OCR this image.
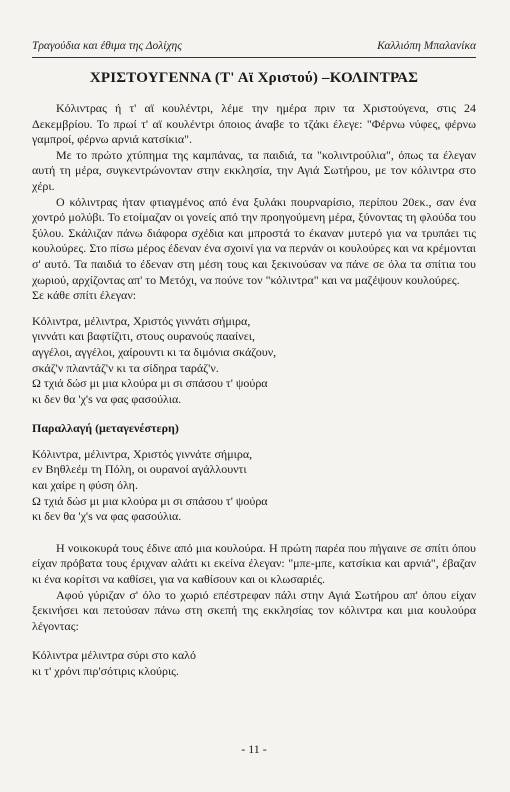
Τραγούδια και έθιμα της Δολίχης	Καλλιόπη Μπαλανίκα
ΧΡΙΣΤΟΥΓΕΝΝΑ (Τ' Αϊ Χριστού) –ΚΟΛΙΝΤΡΑΣ

Κόλιντρας ή τ' αϊ κουλέντρι, λέμε την ημέρα πριν τα Χριστούγενα, στις 24 Δεκεμβρίου. Το πρωί τ' αϊ κουλέντρι όποιος άναβε το τζάκι έλεγε: "Φέρνω νύφες, φέρνω γαμπροί, φέρνω αρνιά κατσίκια".

Με το πρώτο χτύπημα της καμπάνας, τα παιδιά, τα "κολιντρούλια", όπως τα έλεγαν αυτή τη μέρα, συγκεντρώνονταν στην εκκλησία, την Αγιά Σωτήρου, με τον κόλιντρα στο χέρι.

Ο κόλιντρας ήταν φτιαγμένος από ένα ξυλάκι πουρναρίσιο, περίπου 20εκ., σαν ένα χοντρό μολύβι. Το ετοίμαζαν οι γονείς από την προηγούμενη μέρα, ξύνοντας τη φλούδα του ξύλου. Σκάλιζαν πάνω διάφορα σχέδια και μπροστά το έκαναν μυτερό για να τρυπάει τις κουλούρες. Στο πίσω μέρος έδεναν ένα σχοινί για να περνάν οι κουλούρες και να κρέμονται σ' αυτό. Τα παιδιά το έδεναν στη μέση τους και ξεκινούσαν να πάνε σε όλα τα σπίτια του χωριού, αρχίζοντας απ' το Μετόχι, να πούνε τον "κόλιντρα" και να μαζέψουν κουλούρες.

Σε κάθε σπίτι έλεγαν:

Κόλιντρα, μέλιντρα, Χριστός γιννάτι σήμιρα,
γιννάτι και βαφτίζιτι, στους ουρανούς πααίνει,
αγγέλοι, αγγέλοι, χαίρουντι κι τα διμόνια σκάζουν,
σκάζ'ν πλαντάζ'ν κι τα σίδηρα ταράζ'ν.
Ω τχιά δώσ μι μια κλούρα μι σι σπάσου τ' ψούρα
κι δεν θα 'χ's να φας φασούλια.

Παραλλαγή (μεταγενέστερη)

Κόλιντρα, μέλιντρα, Χριστός γιννάτε σήμιρα,
εν Βηθλεέμ τη Πόλη, οι ουρανοί αγάλλουντι
και χαίρε η φύση όλη.
Ω τχιά δώσ μι μια κλούρα μι σι σπάσου τ' ψούρα
κι δεν θα 'χ's να φας φασούλια.

Η νοικοκυρά τους έδινε από μια κουλούρα. Η πρώτη παρέα που πήγαινε σε σπίτι όπου είχαν πρόβατα τους έριχναν αλάτι κι εκείνα έλεγαν: "μπε-μπε, κατσίκια και αρνιά", έβαζαν κι ένα κορίτσι να καθίσει, για να καθίσουν και οι κλωσαριές.

Αφού γύριζαν σ' όλο το χωριό επέστρεφαν πάλι στην Αγιά Σωτήρου απ' όπου είχαν ξεκινήσει και πετούσαν πάνω στη σκεπή της εκκλησίας τον κόλιντρα και μια κουλούρα λέγοντας:

Κόλιντρα μέλιντρα σύρι στο καλό
κι τ' χρόνι πιρ'σότιρις κλούρις.
- 11 -
